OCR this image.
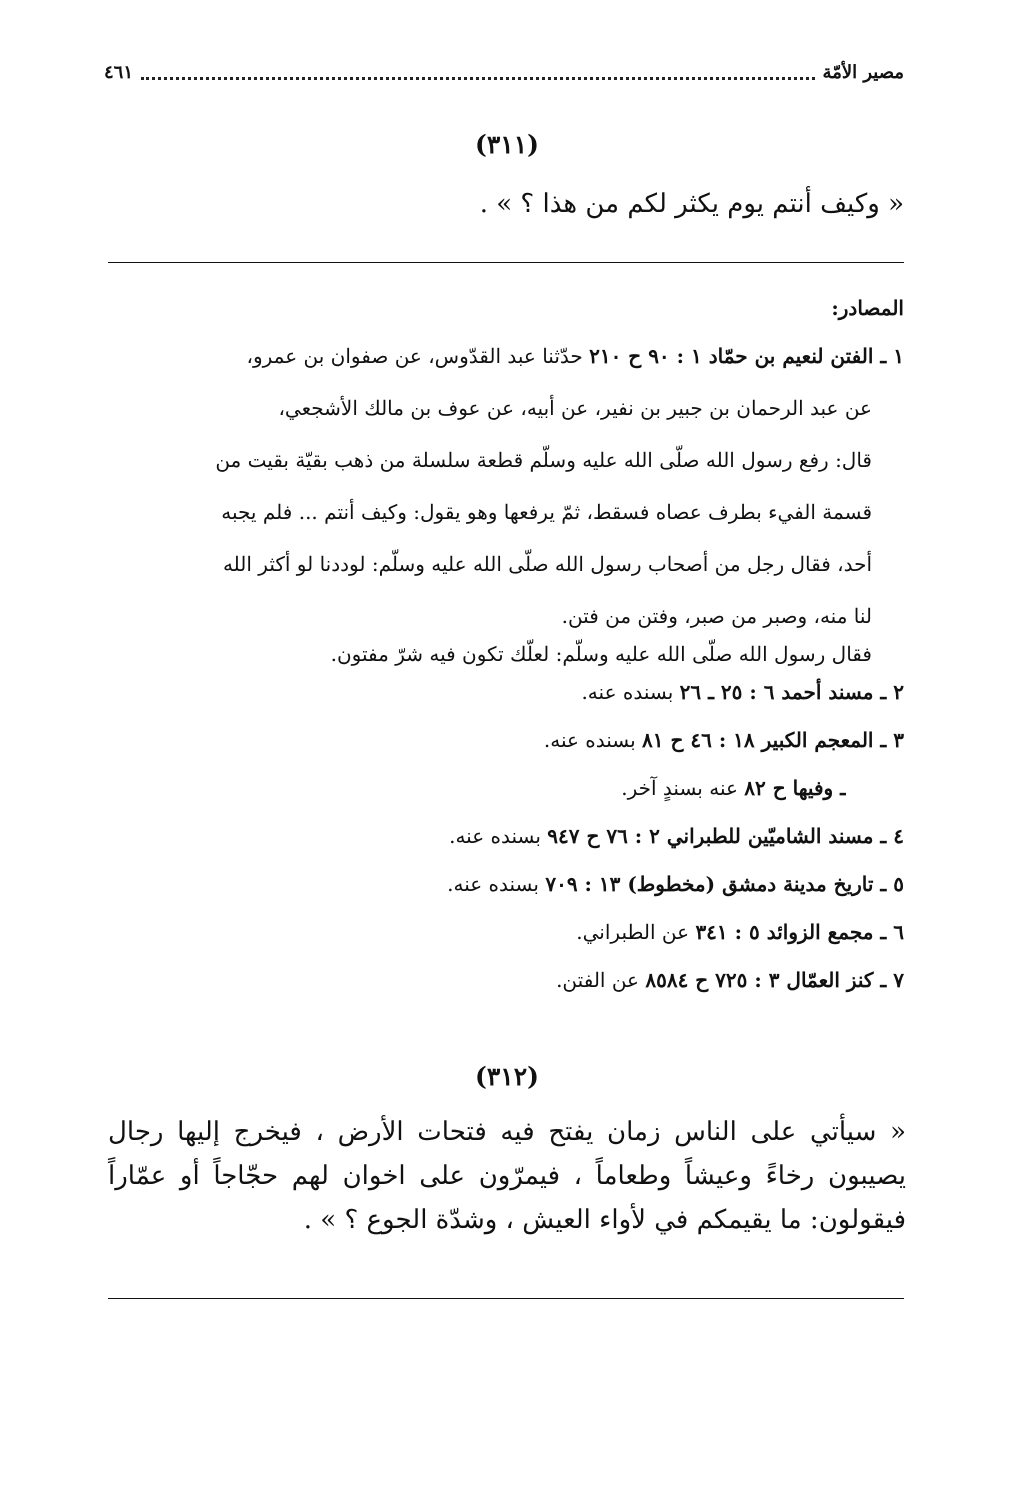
مصير الأمّة
٤٦١
(٣١١)
« وكيف أنتم يوم يكثر لكم من هذا ؟ » .
المصادر:
١ ـ الفتن لنعيم بن حمّاد ١ : ٩٠ ح ٢١٠ حدّثنا عبد القدّوس، عن صفوان بن عمرو،
عن عبد الرحمان بن جبير بن نفير، عن أبيه، عن عوف بن مالك الأشجعي،
قال: رفع رسول الله صلّى الله عليه وسلّم قطعة سلسلة من ذهب بقيّة بقيت من
قسمة الفيء بطرف عصاه فسقط، ثمّ يرفعها وهو يقول: وكيف أنتم ... فلم يجبه
أحد، فقال رجل من أصحاب رسول الله صلّى الله عليه وسلّم: لوددنا لو أكثر الله
لنا منه، وصبر من صبر، وفتن من فتن.
فقال رسول الله صلّى الله عليه وسلّم: لعلّك تكون فيه شرّ مفتون.
٢ ـ مسند أحمد ٦ : ٢٥ ـ ٢٦ بسنده عنه.
٣ ـ المعجم الكبير ١٨ : ٤٦ ح ٨١ بسنده عنه.
ـ وفيها ح ٨٢ عنه بسندٍ آخر.
٤ ـ مسند الشاميّين للطبراني ٢ : ٧٦ ح ٩٤٧ بسنده عنه.
٥ ـ تاريخ مدينة دمشق (مخطوط) ١٣ : ٧٠٩ بسنده عنه.
٦ ـ مجمع الزوائد ٥ : ٣٤١ عن الطبراني.
٧ ـ كنز العمّال ٣ : ٧٢٥ ح ٨٥٨٤ عن الفتن.
(٣١٢)
« سيأتي على الناس زمان يفتح فيه فتحات الأرض ، فيخرج إليها رجال يصيبون رخاءً وعيشاً وطعاماً ، فيمرّون على اخوان لهم حجّاجاً أو عمّاراً فيقولون: ما يقيمكم في لأواء العيش ، وشدّة الجوع ؟ » .
